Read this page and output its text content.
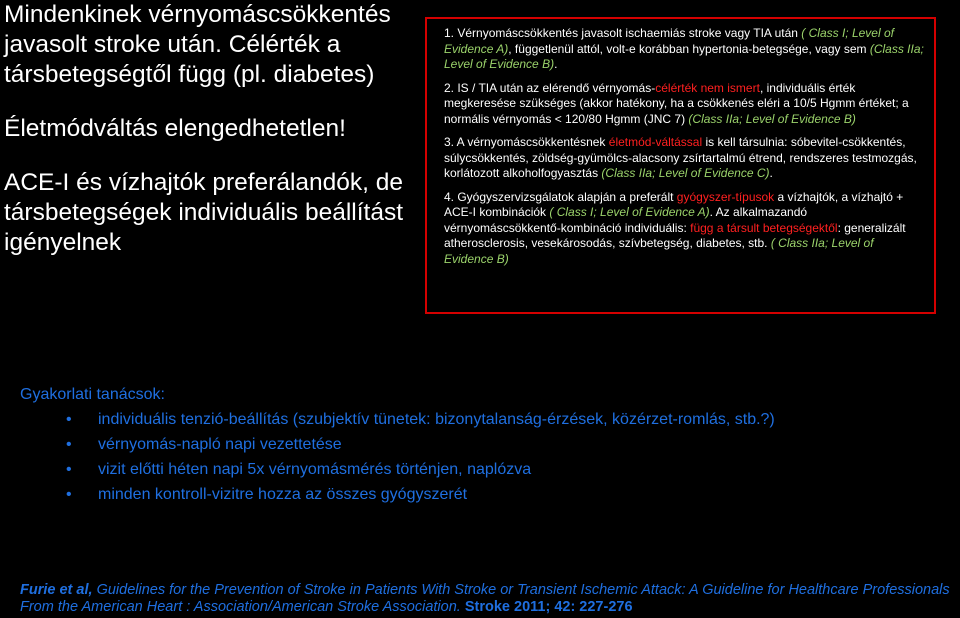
Mindenkinek vérnyomáscsökkentés javasolt stroke után. Célérték a társbetegségtől függ (pl. diabetes)

Életmódváltás elengedhetetlen!

ACE-I és vízhajtók preferálandók, de társbetegségek individuális beállítást igényelnek

1. Vérnyomáscsökkentés javasolt ischaemiás stroke vagy TIA után ( Class I; Level of Evidence A), függetlenül attól, volt-e korábban hypertonia-betegsége, vagy sem (Class IIa; Level of Evidence B).

2. IS / TIA után az elérendő vérnyomás-célérték nem ismert, individuális érték megkeresése szükséges (akkor hatékony, ha a csökkenés eléri a 10/5 Hgmm értéket; a normális vérnyomás < 120/80 Hgmm (JNC 7) (Class IIa; Level of Evidence B)

3. A vérnyomáscsökkentésnek életmód-váltással is kell társulnia: sóbevitel-csökkentés, súlycsökkentés, zöldség-gyümölcs-alacsony zsírtartalmú étrend, rendszeres testmozgás, korlátozott alkoholfogyasztás (Class IIa; Level of Evidence C).

4. Gyógyszervizsgálatok alapján a preferált gyógyszer-típusok a vízhajtók, a vízhajtó + ACE-I kombinációk ( Class I; Level of Evidence A). Az alkalmazandó vérnyomáscsökkentő-kombináció individuális: függ a társult betegségektől: generalizált atherosclerosis, vesekárosodás, szívbetegség, diabetes, stb. ( Class IIa; Level of Evidence B)

Gyakorlati tanácsok:
• individuális tenzió-beállítás (szubjektív tünetek: bizonytalanság-érzések, közérzet-romlás, stb.?)
• vérnyomás-napló napi vezettetése
• vizit előtti héten napi 5x vérnyomásmérés történjen, naplózva
• minden kontroll-vizitre hozza az összes gyógyszerét
Furie et al, Guidelines for the Prevention of Stroke in Patients With Stroke or Transient Ischemic Attack: A Guideline for Healthcare Professionals From the American Heart : Association/American Stroke Association. Stroke 2011; 42: 227-276
